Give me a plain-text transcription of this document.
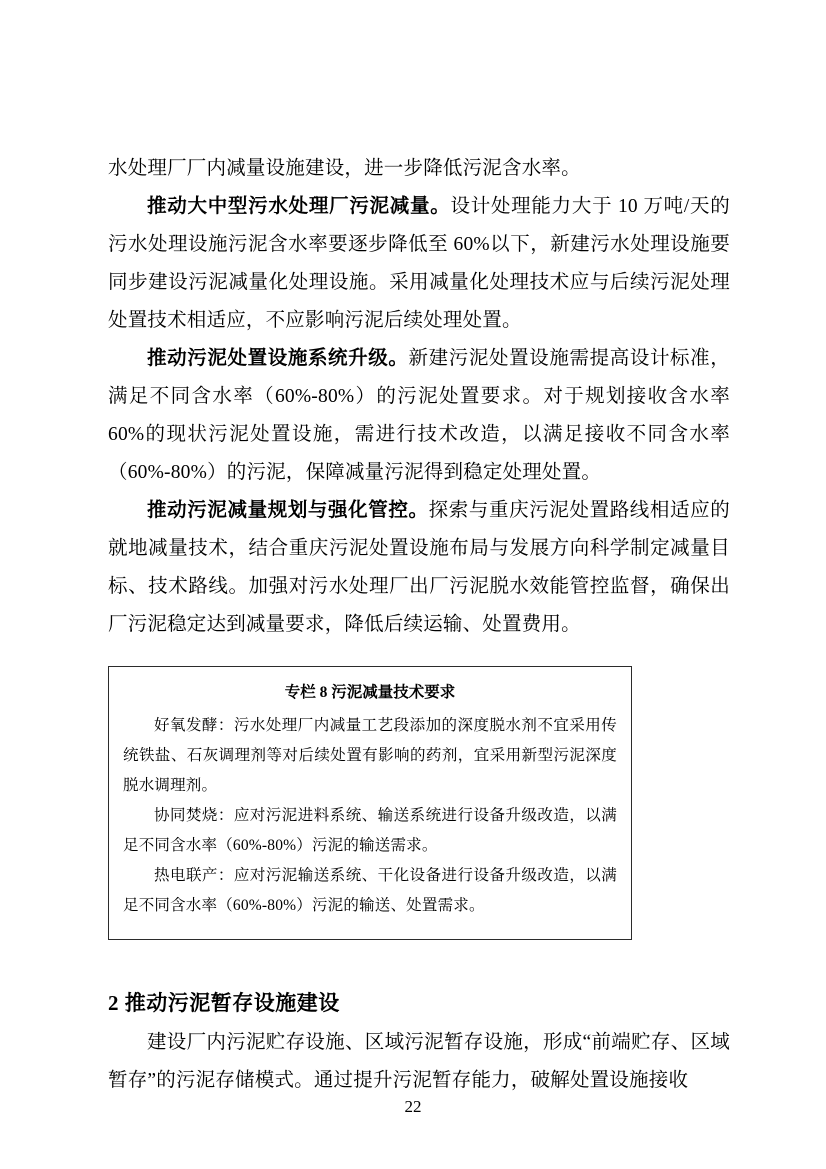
水处理厂厂内减量设施建设，进一步降低污泥含水率。

推动大中型污水处理厂污泥减量。设计处理能力大于 10 万吨/天的污水处理设施污泥含水率要逐步降低至 60%以下，新建污水处理设施要同步建设污泥减量化处理设施。采用减量化处理技术应与后续污泥处理处置技术相适应，不应影响污泥后续处理处置。

推动污泥处置设施系统升级。新建污泥处置设施需提高设计标准，满足不同含水率（60%-80%）的污泥处置要求。对于规划接收含水率 60%的现状污泥处置设施，需进行技术改造，以满足接收不同含水率（60%-80%）的污泥，保障减量污泥得到稳定处理处置。

推动污泥减量规划与强化管控。探索与重庆污泥处置路线相适应的就地减量技术，结合重庆污泥处置设施布局与发展方向科学制定减量目标、技术路线。加强对污水处理厂出厂污泥脱水效能管控监督，确保出厂污泥稳定达到减量要求，降低后续运输、处置费用。

专栏 8 污泥减量技术要求

好氧发酵：污水处理厂内减量工艺段添加的深度脱水剂不宜采用传统铁盐、石灰调理剂等对后续处置有影响的药剂，宜采用新型污泥深度脱水调理剂。

协同焚烧：应对污泥进料系统、输送系统进行设备升级改造，以满足不同含水率（60%-80%）污泥的输送需求。

热电联产：应对污泥输送系统、干化设备进行设备升级改造，以满足不同含水率（60%-80%）污泥的输送、处置需求。

2 推动污泥暂存设施建设

建设厂内污泥贮存设施、区域污泥暂存设施，形成“前端贮存、区域暂存”的污泥存储模式。通过提升污泥暂存能力，破解处置设施接收

22
